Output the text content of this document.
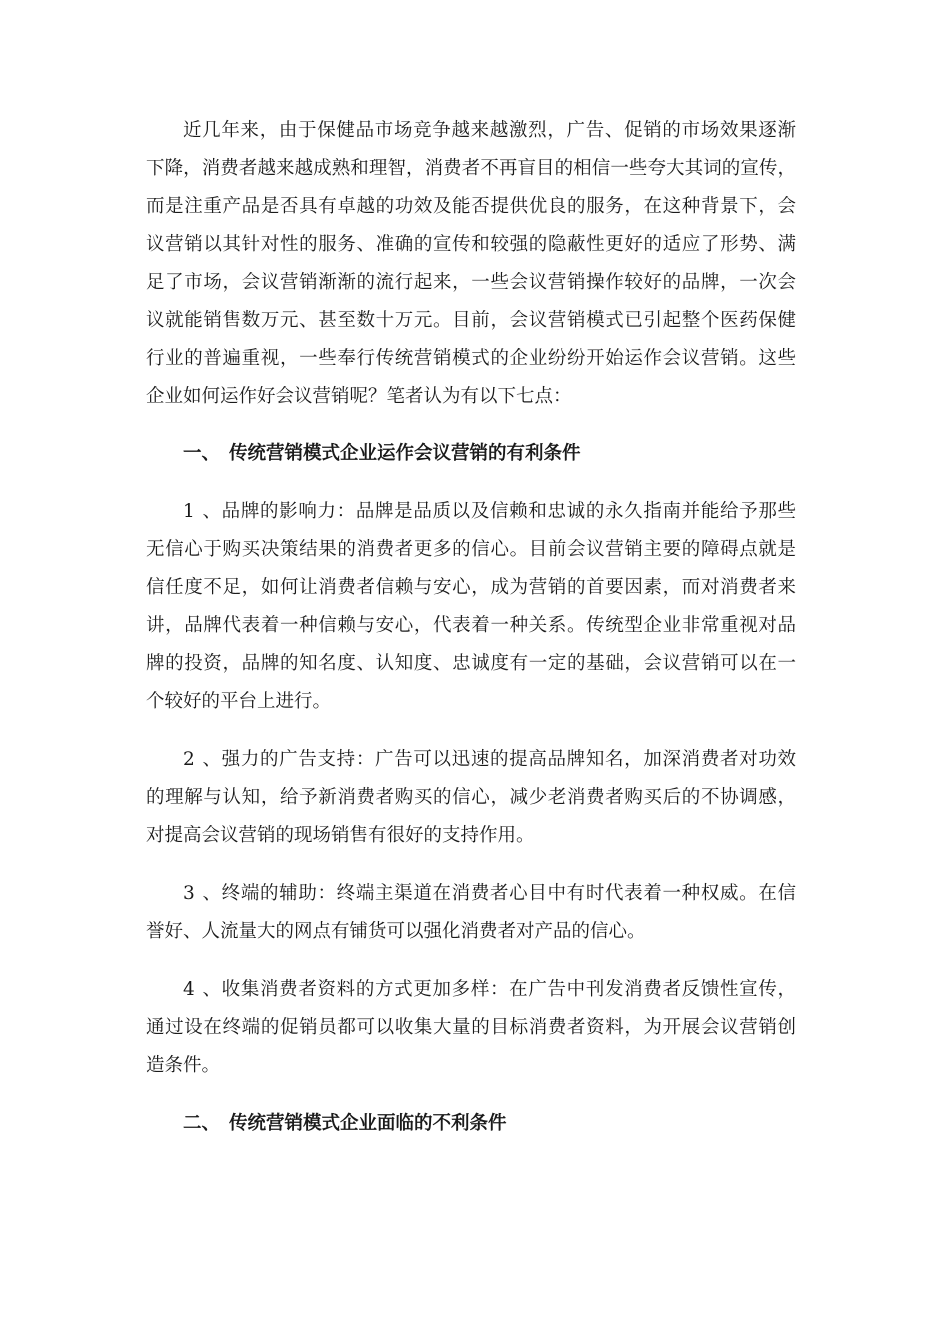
近几年来，由于保健品市场竞争越来越激烈，广告、促销的市场效果逐渐
下降，消费者越来越成熟和理智，消费者不再盲目的相信一些夸大其词的宣传，
而是注重产品是否具有卓越的功效及能否提供优良的服务，在这种背景下，会
议营销以其针对性的服务、准确的宣传和较强的隐蔽性更好的适应了形势、满
足了市场，会议营销渐渐的流行起来，一些会议营销操作较好的品牌，一次会
议就能销售数万元、甚至数十万元。目前，会议营销模式已引起整个医药保健
行业的普遍重视，一些奉行传统营销模式的企业纷纷开始运作会议营销。这些
企业如何运作好会议营销呢？笔者认为有以下七点：
一、 传统营销模式企业运作会议营销的有利条件
1、品牌的影响力：品牌是品质以及信赖和忠诚的永久指南并能给予那些
无信心于购买决策结果的消费者更多的信心。目前会议营销主要的障碍点就是
信任度不足，如何让消费者信赖与安心，成为营销的首要因素，而对消费者来
讲，品牌代表着一种信赖与安心，代表着一种关系。传统型企业非常重视对品
牌的投资，品牌的知名度、认知度、忠诚度有一定的基础，会议营销可以在一
个较好的平台上进行。
2、强力的广告支持：广告可以迅速的提高品牌知名，加深消费者对功效
的理解与认知，给予新消费者购买的信心，减少老消费者购买后的不协调感，
对提高会议营销的现场销售有很好的支持作用。
3、终端的辅助：终端主渠道在消费者心目中有时代表着一种权威。在信
誉好、人流量大的网点有铺货可以强化消费者对产品的信心。
4、收集消费者资料的方式更加多样：在广告中刊发消费者反馈性宣传，
通过设在终端的促销员都可以收集大量的目标消费者资料，为开展会议营销创
造条件。
二、 传统营销模式企业面临的不利条件
